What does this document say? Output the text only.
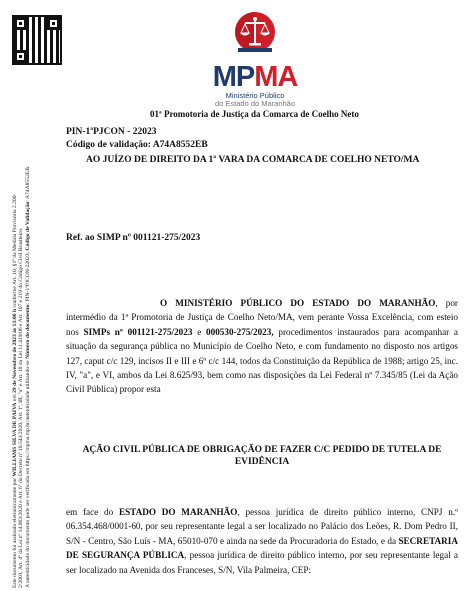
Este documento foi assinado eletronicamente por WILLIAMS SILVA DE PAIVA em 29 de Novembro de 2023 às 13:06 h conforme Art. 10, §1º da Medida Provisória 2.200- 2/2001, Art. 4º da Lei nº 14.063/2020 e Art. 6º do Decreto nº 10.543/2020, Art. 1º, III, "a" e Art. 10 da Lei 11.419/06 e Art. 107 e 219 do Código Civil Brasileiro. A autenticidade do documento pode ser verificada em https://mpma.mp.br/autenticidade utilizando-se Número do documento: PIN-1ªPJCON-22023, Código de Validação: A74A8552EB.
MPMA
Ministério Público
do Estado do Maranhão
01ª Promotoria de Justiça da Comarca de Coelho Neto
PIN-1ªPJCON - 22023
Código de validação: A74A8552EB
AO JUÍZO DE DIREITO DA 1ª VARA DA COMARCA DE COELHO NETO/MA
Ref. ao SIMP nº 001121-275/2023
O MINISTÉRIO PÚBLICO DO ESTADO DO MARANHÃO, por intermédio da 1ª Promotoria de Justiça de Coelho Neto/MA, vem perante Vossa Excelência, com esteio nos SIMPs nº 001121-275/2023 e 000530-275/2023, procedimentos instaurados para acompanhar a situação da segurança pública no Município de Coelho Neto, e com fundamento no disposto nos artigos 127, caput c/c 129, incisos II e III e 6º c/c 144, todos da Constituição da República de 1988; artigo 25, inc. IV, "a", e VI, ambos da Lei 8.625/93, bem como nas disposições da Lei Federal nº 7.345/85 (Lei da Ação Civil Pública) propor esta
AÇÃO CIVIL PÚBLICA DE OBRIGAÇÃO DE FAZER C/C PEDIDO DE TUTELA DE EVIDÊNCIA
em face do ESTADO DO MARANHÃO, pessoa jurídica de direito público interno, CNPJ n.º 06.354.468/0001-60, por seu representante legal a ser localizado no Palácio dos Leões, R. Dom Pedro II, S/N - Centro, São Luís - MA, 65010-070 e ainda na sede da Procuradoria do Estado, e da SECRETARIA DE SEGURANÇA PÚBLICA, pessoa jurídica de direito público interno, por seu representante legal a ser localizado na Avenida dos Franceses, S/N, Vila Palmeira, CEP:
